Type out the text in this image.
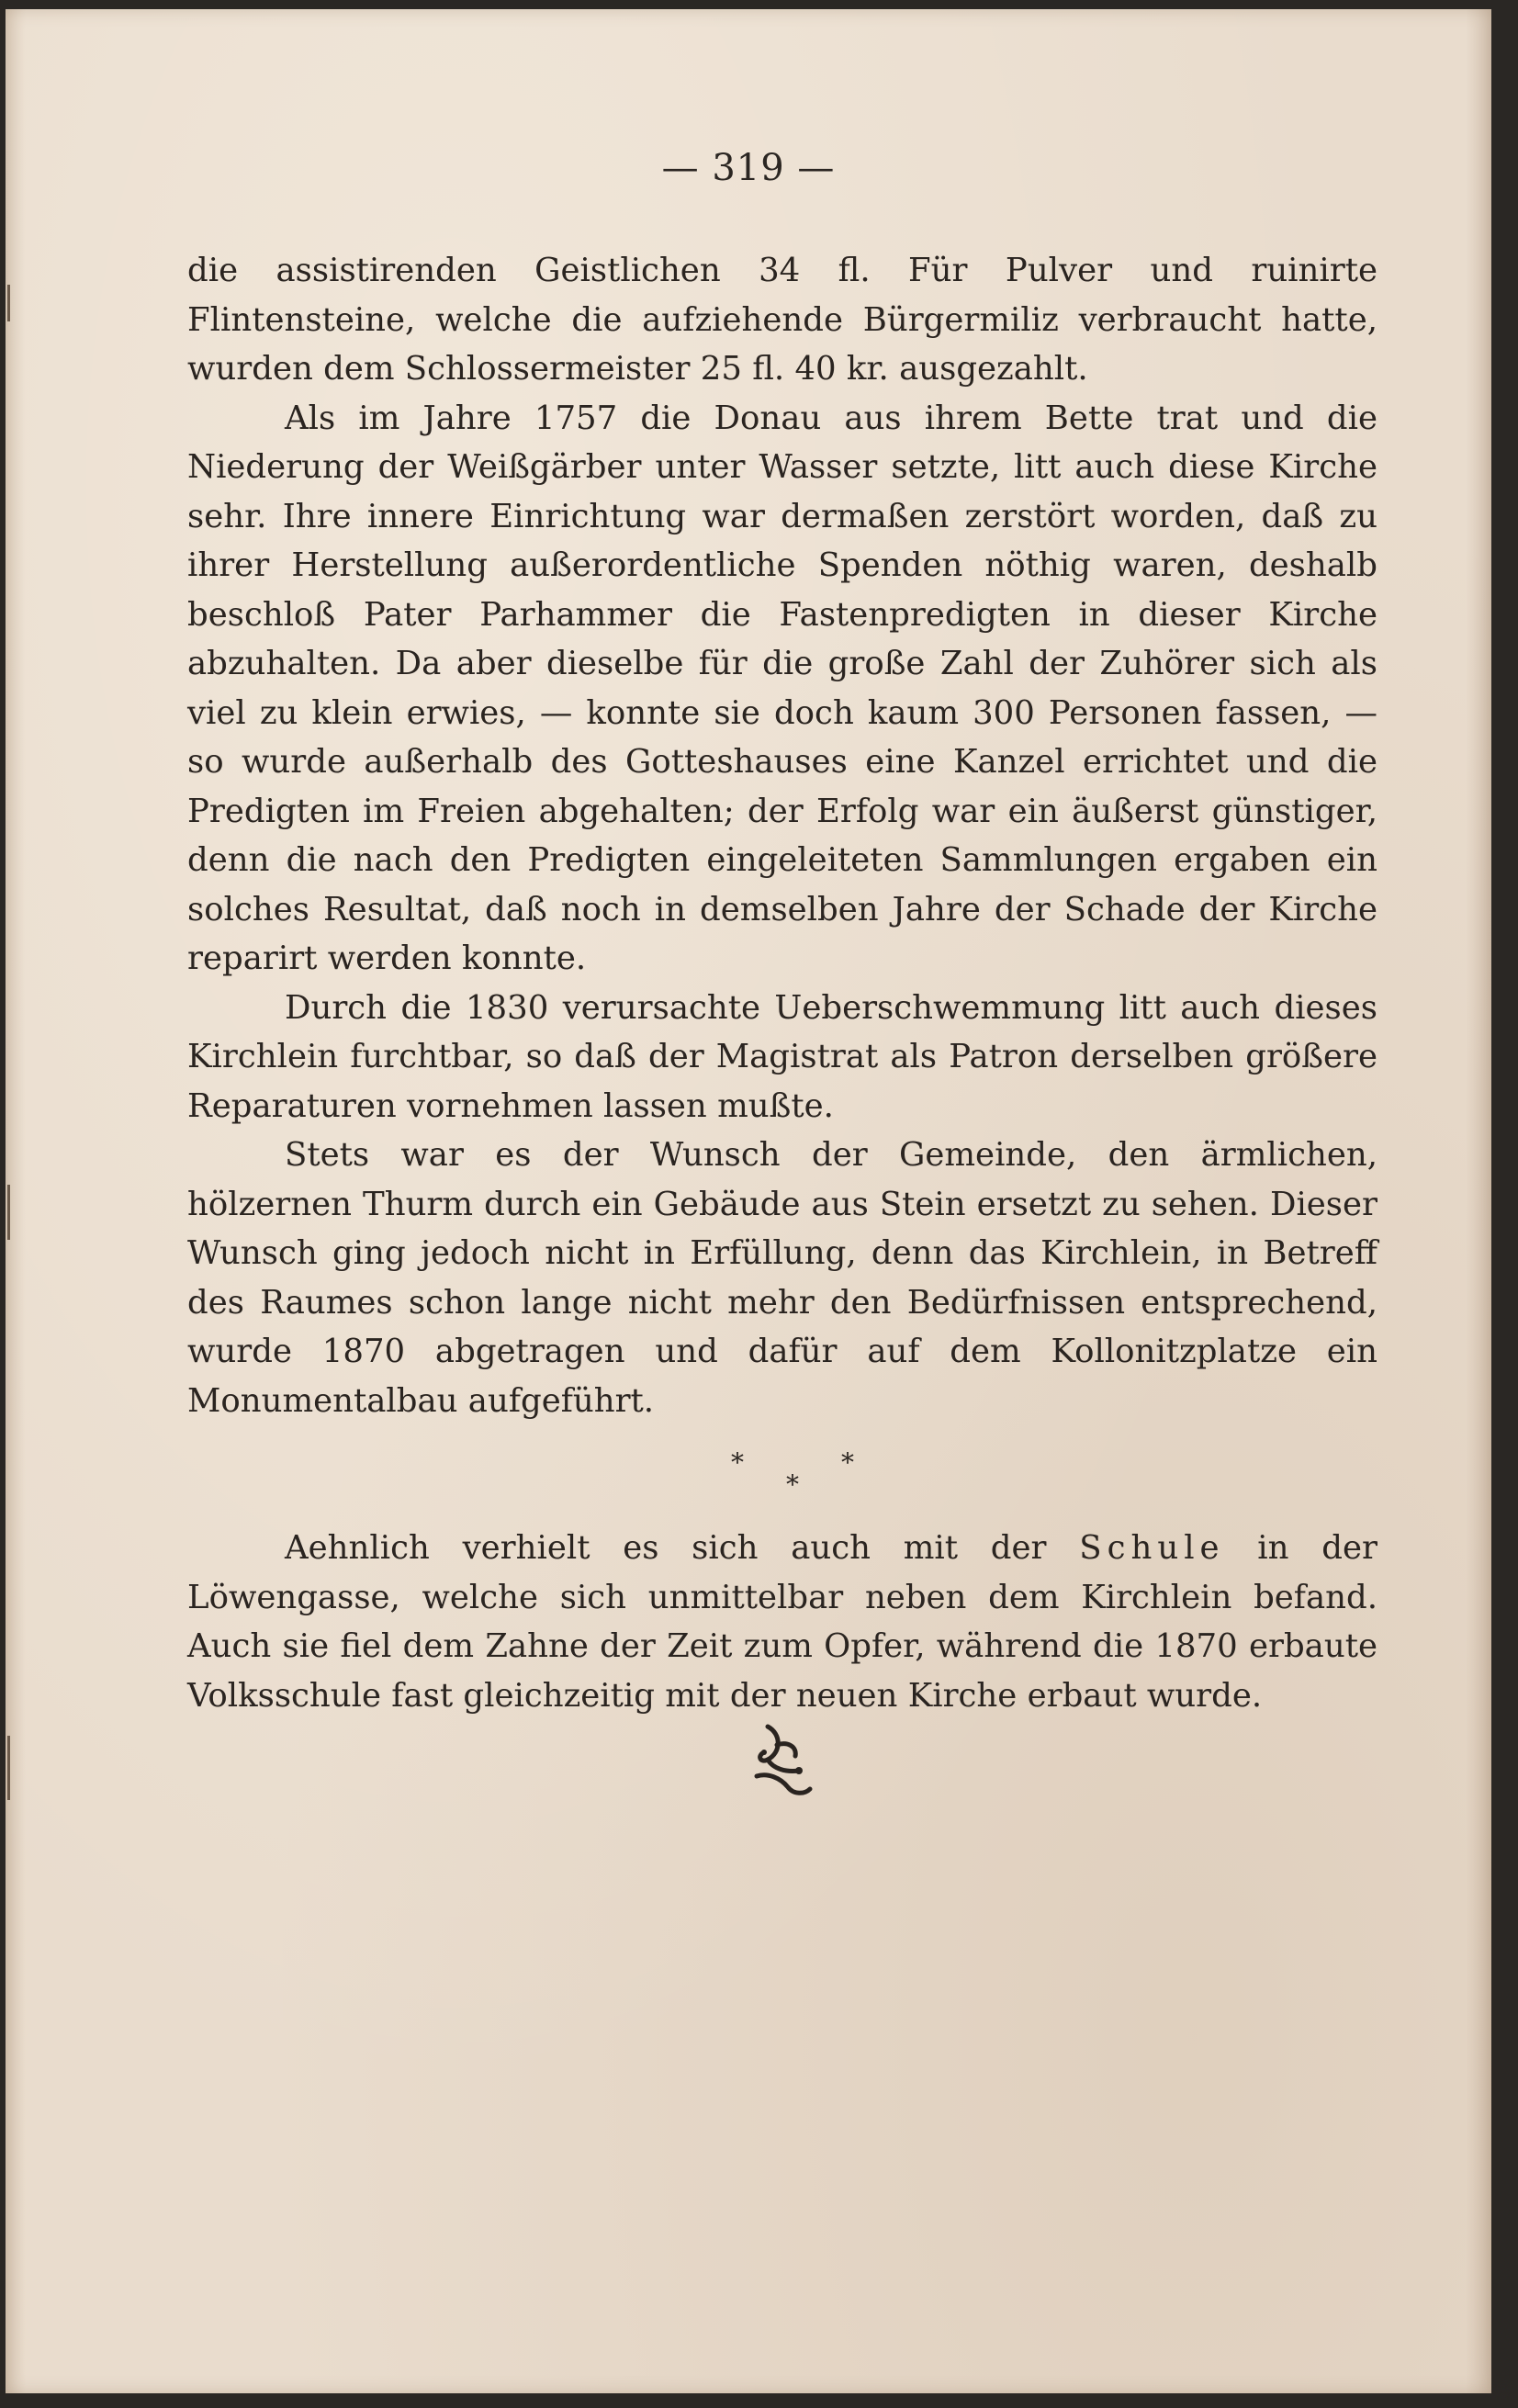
— 319 —

die assistirenden Geistlichen 34 fl. Für Pulver und ruinirte Flintensteine, welche die aufziehende Bürgermiliz verbraucht hatte, wurden dem Schlossermeister 25 fl. 40 kr. ausgezahlt.

Als im Jahre 1757 die Donau aus ihrem Bette trat und die Niederung der Weißgärber unter Wasser setzte, litt auch diese Kirche sehr. Ihre innere Einrichtung war dermaßen zerstört worden, daß zu ihrer Herstellung außerordentliche Spenden nöthig waren, deshalb beschloß Pater Parhammer die Fastenpredigten in dieser Kirche abzuhalten. Da aber dieselbe für die große Zahl der Zuhörer sich als viel zu klein erwies, — konnte sie doch kaum 300 Personen fassen, — so wurde außerhalb des Gotteshauses eine Kanzel errichtet und die Predigten im Freien abgehalten; der Erfolg war ein äußerst günstiger, denn die nach den Predigten eingeleiteten Sammlungen ergaben ein solches Resultat, daß noch in demselben Jahre der Schade der Kirche reparirt werden konnte.

Durch die 1830 verursachte Ueberschwemmung litt auch dieses Kirchlein furchtbar, so daß der Magistrat als Patron derselben größere Reparaturen vornehmen lassen mußte.

Stets war es der Wunsch der Gemeinde, den ärmlichen, hölzernen Thurm durch ein Gebäude aus Stein ersetzt zu sehen. Dieser Wunsch ging jedoch nicht in Erfüllung, denn das Kirchlein, in Betreff des Raumes schon lange nicht mehr den Bedürfnissen entsprechend, wurde 1870 abgetragen und dafür auf dem Kollonitzplatze ein Monumentalbau aufgeführt.

*	*
*

Aehnlich verhielt es sich auch mit der Schule in der Löwengasse, welche sich unmittelbar neben dem Kirchlein befand. Auch sie fiel dem Zahne der Zeit zum Opfer, während die 1870 erbaute Volksschule fast gleichzeitig mit der neuen Kirche erbaut wurde.
